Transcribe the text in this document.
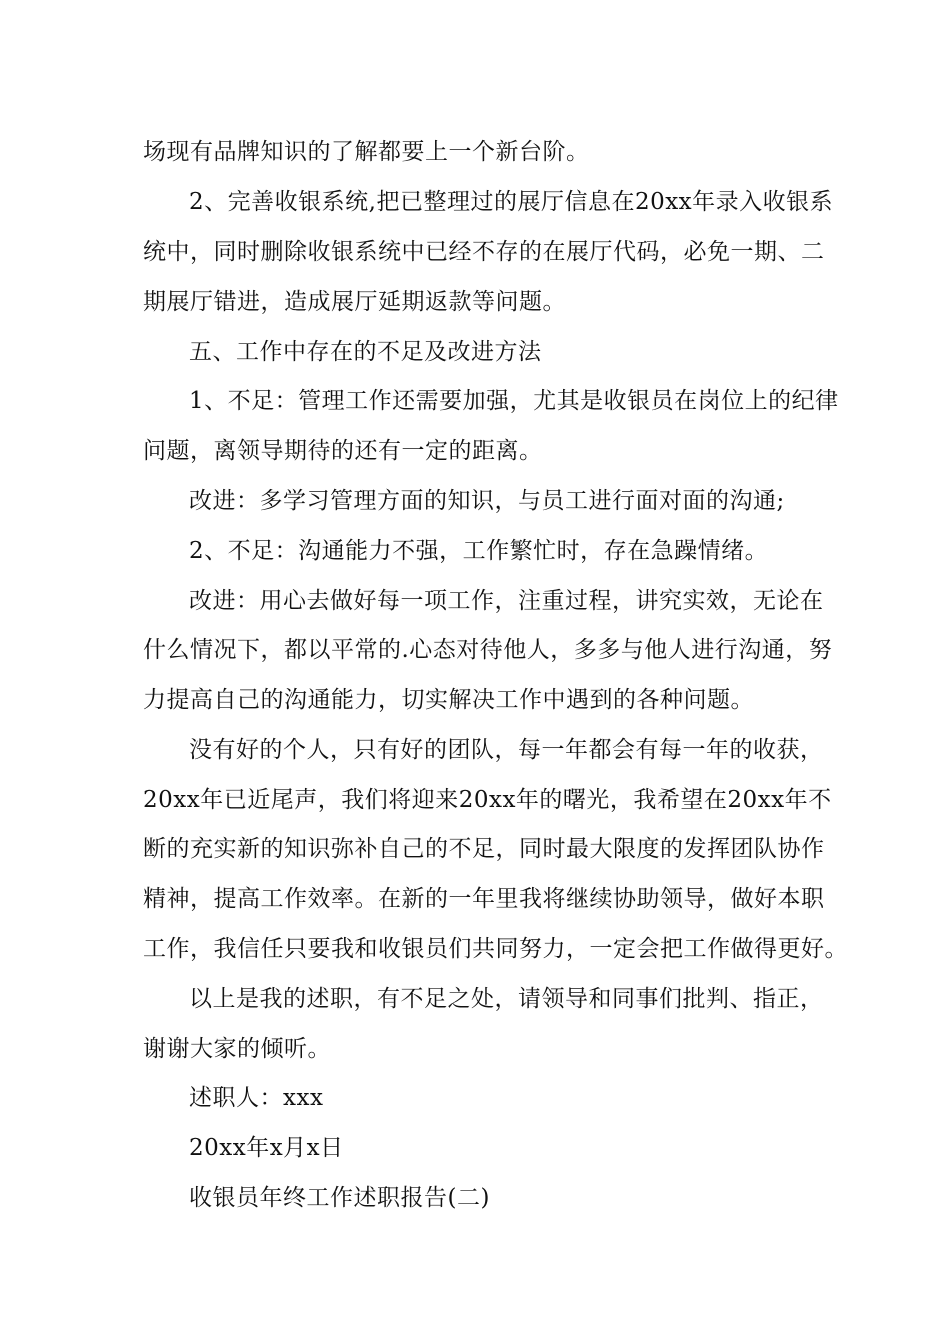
场现有品牌知识的了解都要上一个新台阶。
2、完善收银系统,把已整理过的展厅信息在20xx年录入收银系
统中，同时删除收银系统中已经不存的在展厅代码，必免一期、二
期展厅错进，造成展厅延期返款等问题。
五、工作中存在的不足及改进方法
1、不足：管理工作还需要加强，尤其是收银员在岗位上的纪律
问题，离领导期待的还有一定的距离。
改进：多学习管理方面的知识，与员工进行面对面的沟通;
2、不足：沟通能力不强，工作繁忙时，存在急躁情绪。
改进：用心去做好每一项工作，注重过程，讲究实效，无论在
什么情况下，都以平常的.心态对待他人，多多与他人进行沟通，努
力提高自己的沟通能力，切实解决工作中遇到的各种问题。
没有好的个人，只有好的团队，每一年都会有每一年的收获，
20xx年已近尾声，我们将迎来20xx年的曙光，我希望在20xx年不
断的充实新的知识弥补自己的不足，同时最大限度的发挥团队协作
精神，提高工作效率。在新的一年里我将继续协助领导，做好本职
工作，我信任只要我和收银员们共同努力，一定会把工作做得更好。
以上是我的述职，有不足之处，请领导和同事们批判、指正，
谢谢大家的倾听。
述职人：xxx
20xx年x月x日
收银员年终工作述职报告(二)
